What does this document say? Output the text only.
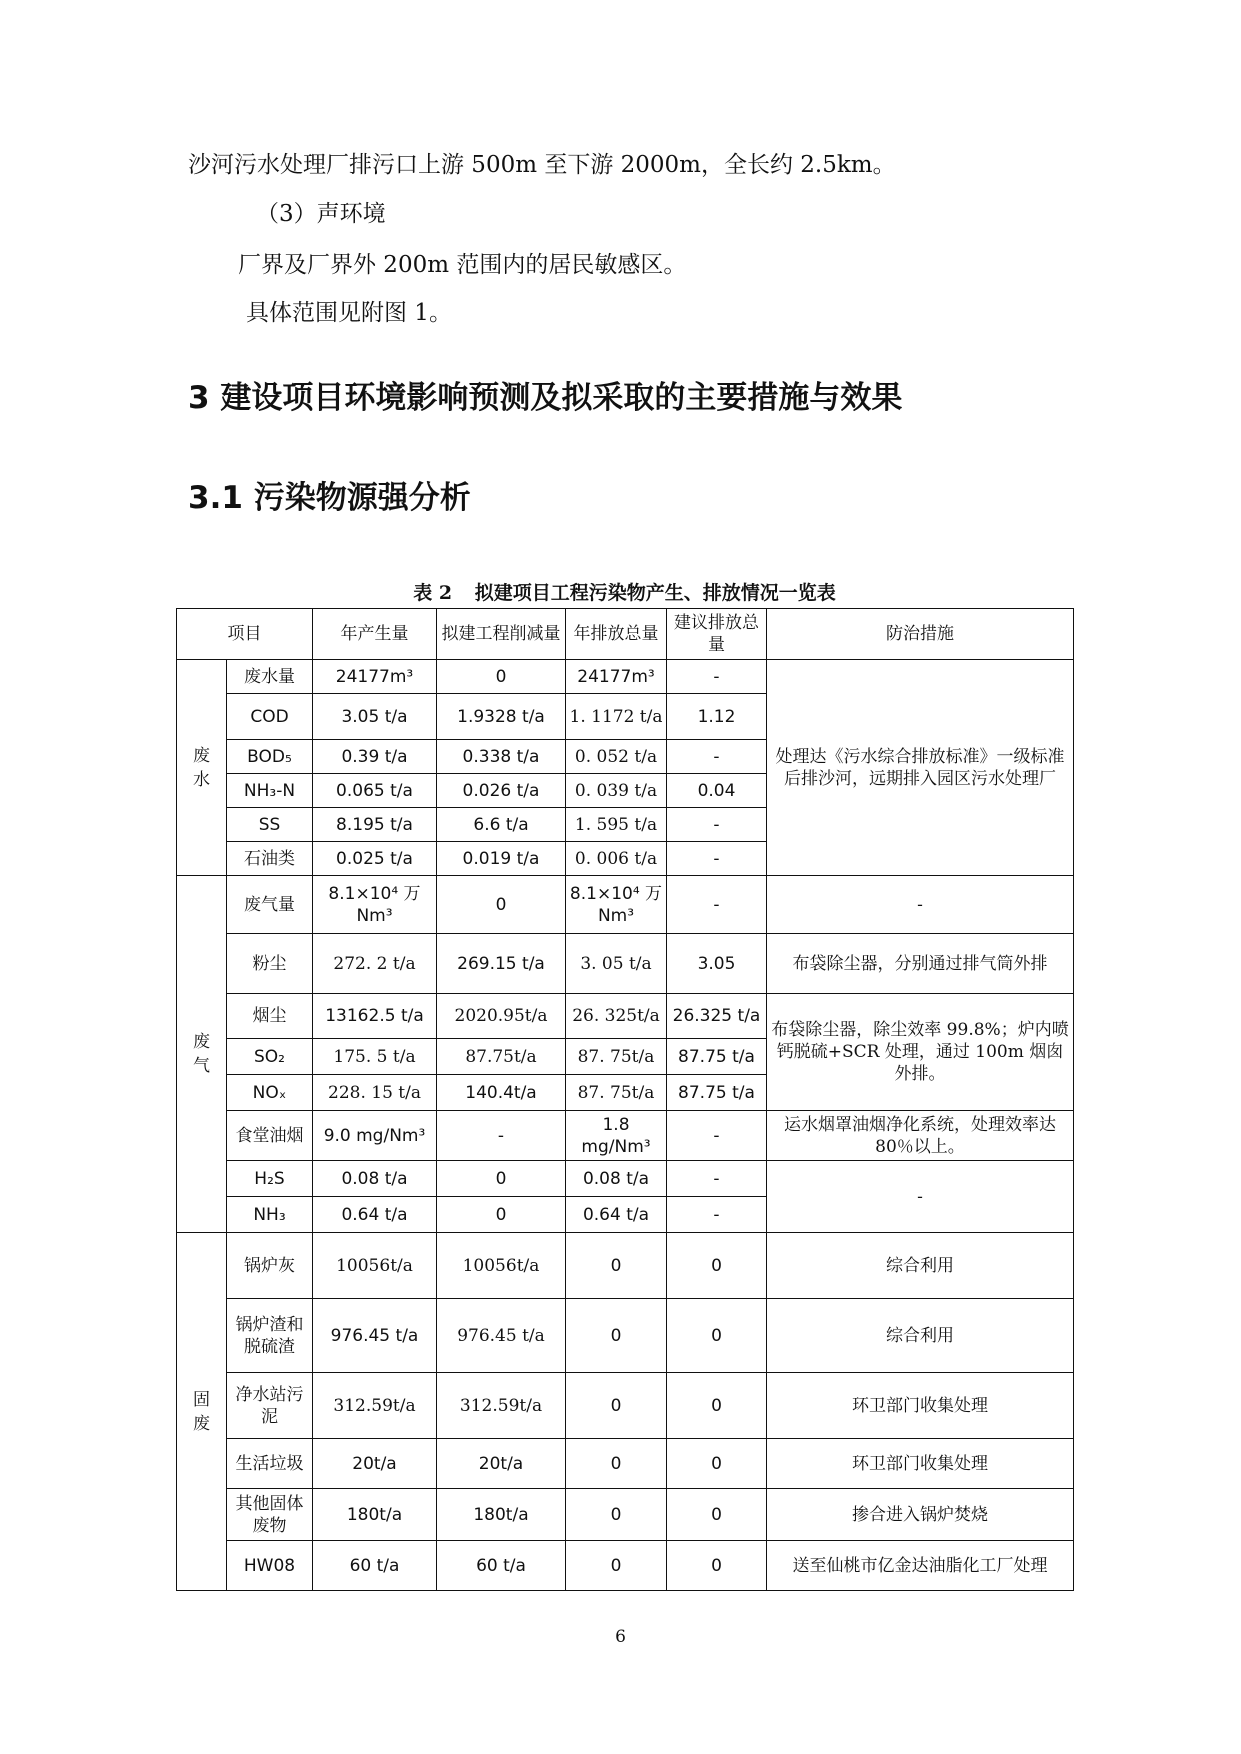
沙河污水处理厂排污口上游 500m 至下游 2000m，全长约 2.5km。
（3）声环境
厂界及厂界外 200m 范围内的居民敏感区。
具体范围见附图 1。
3 建设项目环境影响预测及拟采取的主要措施与效果
3.1 污染物源强分析
表 2 拟建项目工程污染物产生、排放情况一览表
项目		年产生量	拟建工程削减量	年排放总量	建议排放总量	防治措施
废水	废水量	24177m³	0	24177m³	-	处理达《污水综合排放标准》一级标准后排沙河，远期排入园区污水处理厂
	COD	3.05 t/a	1.9328 t/a	1. 1172 t/a	1.12	
	BOD₅	0.39 t/a	0.338 t/a	0. 052 t/a	-	
	NH₃-N	0.065 t/a	0.026 t/a	0. 039 t/a	0.04	
	SS	8.195 t/a	6.6 t/a	1. 595 t/a	-	
	石油类	0.025 t/a	0.019 t/a	0. 006 t/a	-	
废气	废气量	8.1×10⁴ 万 Nm³	0	8.1×10⁴ 万 Nm³	-	-
	粉尘	272. 2 t/a	269.15 t/a	3. 05 t/a	3.05	布袋除尘器，分别通过排气筒外排
	烟尘	13162.5 t/a	2020.95t/a	26. 325t/a	26.325 t/a	布袋除尘器，除尘效率 99.8%；炉内喷钙脱硫+SCR 处理，通过 100m 烟囱外排。
	SO₂	175. 5 t/a	87.75t/a	87. 75t/a	87.75 t/a	
	NOₓ	228. 15 t/a	140.4t/a	87. 75t/a	87.75 t/a	
	食堂油烟	9.0 mg/Nm³	-	1.8 mg/Nm³	-	运水烟罩油烟净化系统，处理效率达 80％以上。
	H₂S	0.08 t/a	0	0.08 t/a	-	-
	NH₃	0.64 t/a	0	0.64 t/a	-	
固废	锅炉灰	10056t/a	10056t/a	0	0	综合利用
	锅炉渣和脱硫渣	976.45 t/a	976.45 t/a	0	0	综合利用
	净水站污泥	312.59t/a	312.59t/a	0	0	环卫部门收集处理
	生活垃圾	20t/a	20t/a	0	0	环卫部门收集处理
	其他固体废物	180t/a	180t/a	0	0	掺合进入锅炉焚烧
	HW08	60 t/a	60 t/a	0	0	送至仙桃市亿金达油脂化工厂处理
6
